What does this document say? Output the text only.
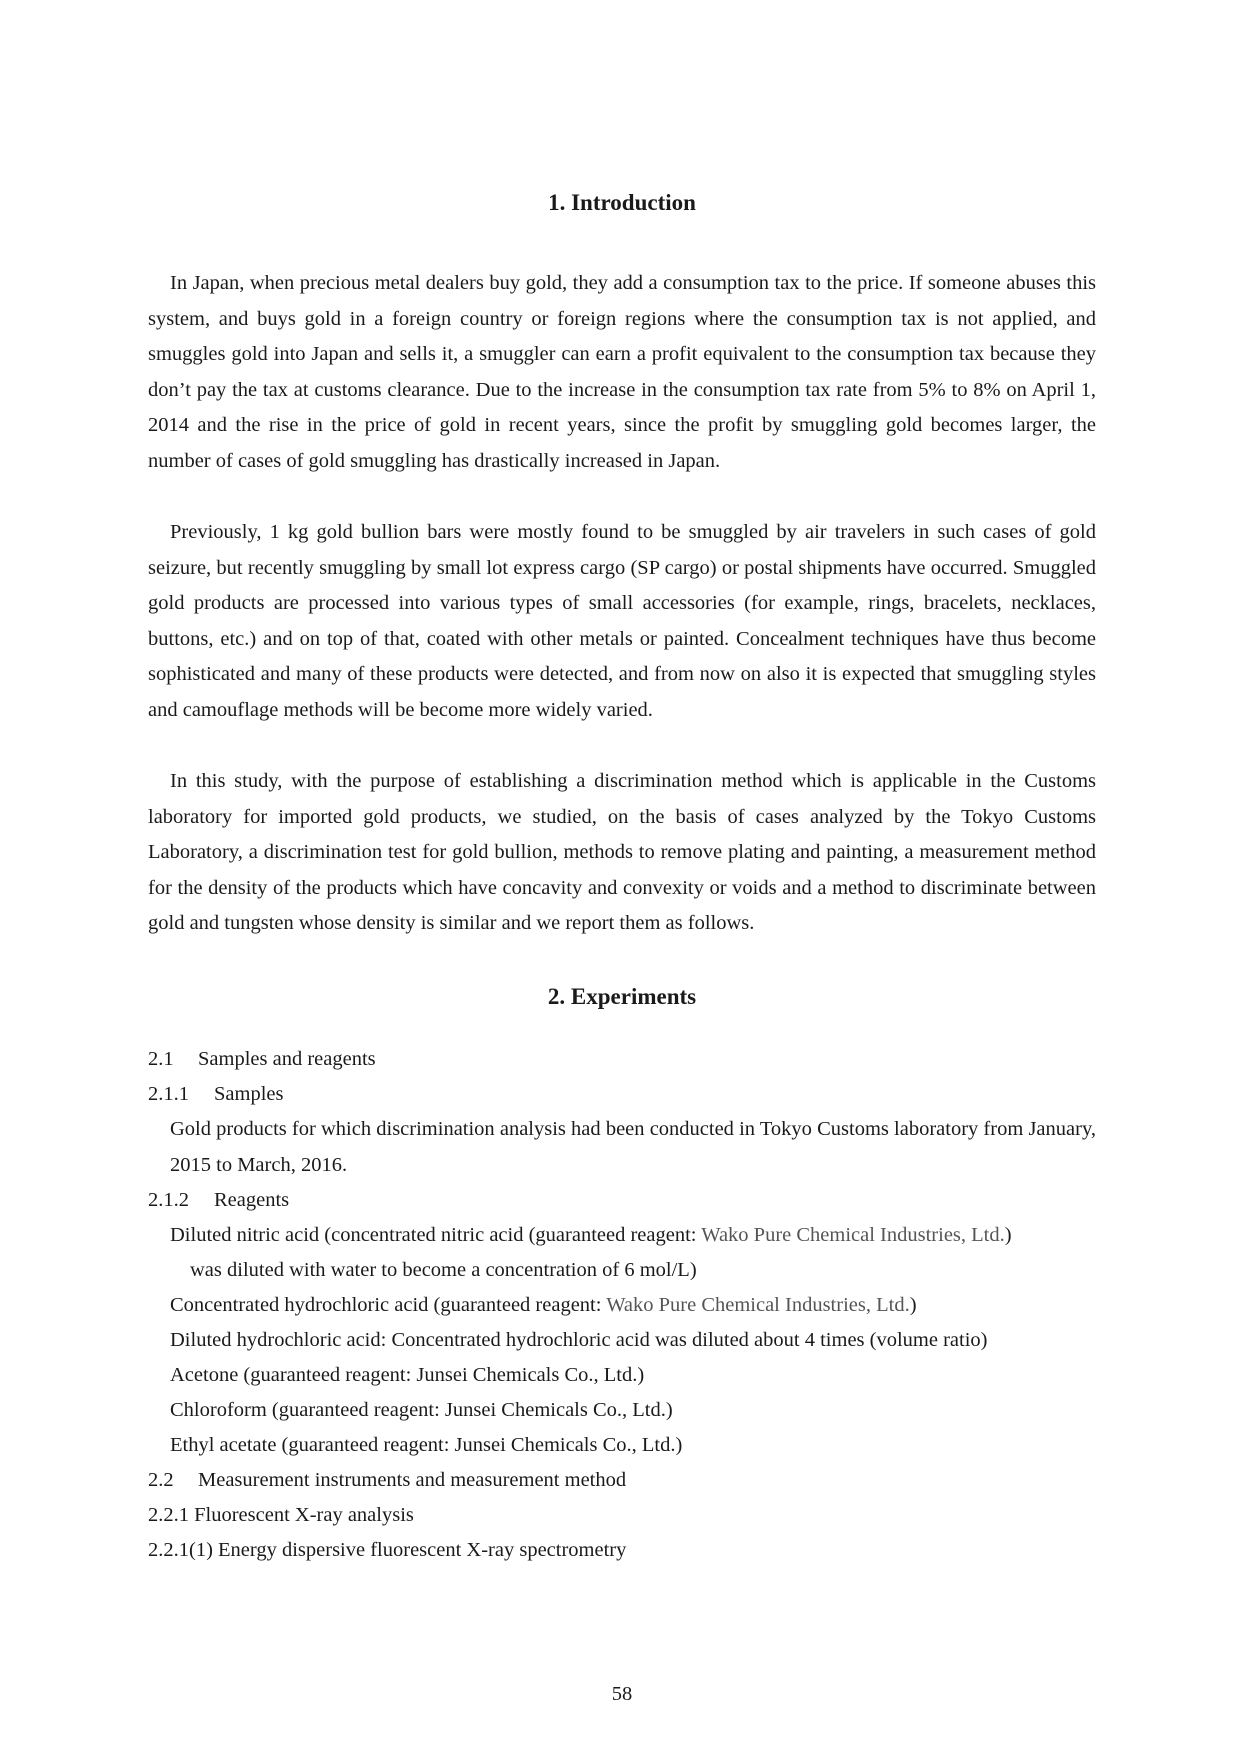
1. Introduction

In Japan, when precious metal dealers buy gold, they add a consumption tax to the price. If someone abuses this system, and buys gold in a foreign country or foreign regions where the consumption tax is not applied, and smuggles gold into Japan and sells it, a smuggler can earn a profit equivalent to the consumption tax because they don’t pay the tax at customs clearance. Due to the increase in the consumption tax rate from 5% to 8% on April 1, 2014 and the rise in the price of gold in recent years, since the profit by smuggling gold becomes larger, the number of cases of gold smuggling has drastically increased in Japan.

Previously, 1 kg gold bullion bars were mostly found to be smuggled by air travelers in such cases of gold seizure, but recently smuggling by small lot express cargo (SP cargo) or postal shipments have occurred. Smuggled gold products are processed into various types of small accessories (for example, rings, bracelets, necklaces, buttons, etc.) and on top of that, coated with other metals or painted. Concealment techniques have thus become sophisticated and many of these products were detected, and from now on also it is expected that smuggling styles and camouflage methods will be become more widely varied.

In this study, with the purpose of establishing a discrimination method which is applicable in the Customs laboratory for imported gold products, we studied, on the basis of cases analyzed by the Tokyo Customs Laboratory, a discrimination test for gold bullion, methods to remove plating and painting, a measurement method for the density of the products which have concavity and convexity or voids and a method to discriminate between gold and tungsten whose density is similar and we report them as follows.

2. Experiments

2.1 Samples and reagents

2.1.1 Samples

Gold products for which discrimination analysis had been conducted in Tokyo Customs laboratory from January, 2015 to March, 2016.

2.1.2 Reagents

Diluted nitric acid (concentrated nitric acid (guaranteed reagent: Wako Pure Chemical Industries, Ltd.)

was diluted with water to become a concentration of 6 mol/L)

Concentrated hydrochloric acid (guaranteed reagent: Wako Pure Chemical Industries, Ltd.)

Diluted hydrochloric acid: Concentrated hydrochloric acid was diluted about 4 times (volume ratio)

Acetone (guaranteed reagent: Junsei Chemicals Co., Ltd.)

Chloroform (guaranteed reagent: Junsei Chemicals Co., Ltd.)

Ethyl acetate (guaranteed reagent: Junsei Chemicals Co., Ltd.)

2.2 Measurement instruments and measurement method

2.2.1 Fluorescent X-ray analysis

2.2.1(1) Energy dispersive fluorescent X-ray spectrometry

58
